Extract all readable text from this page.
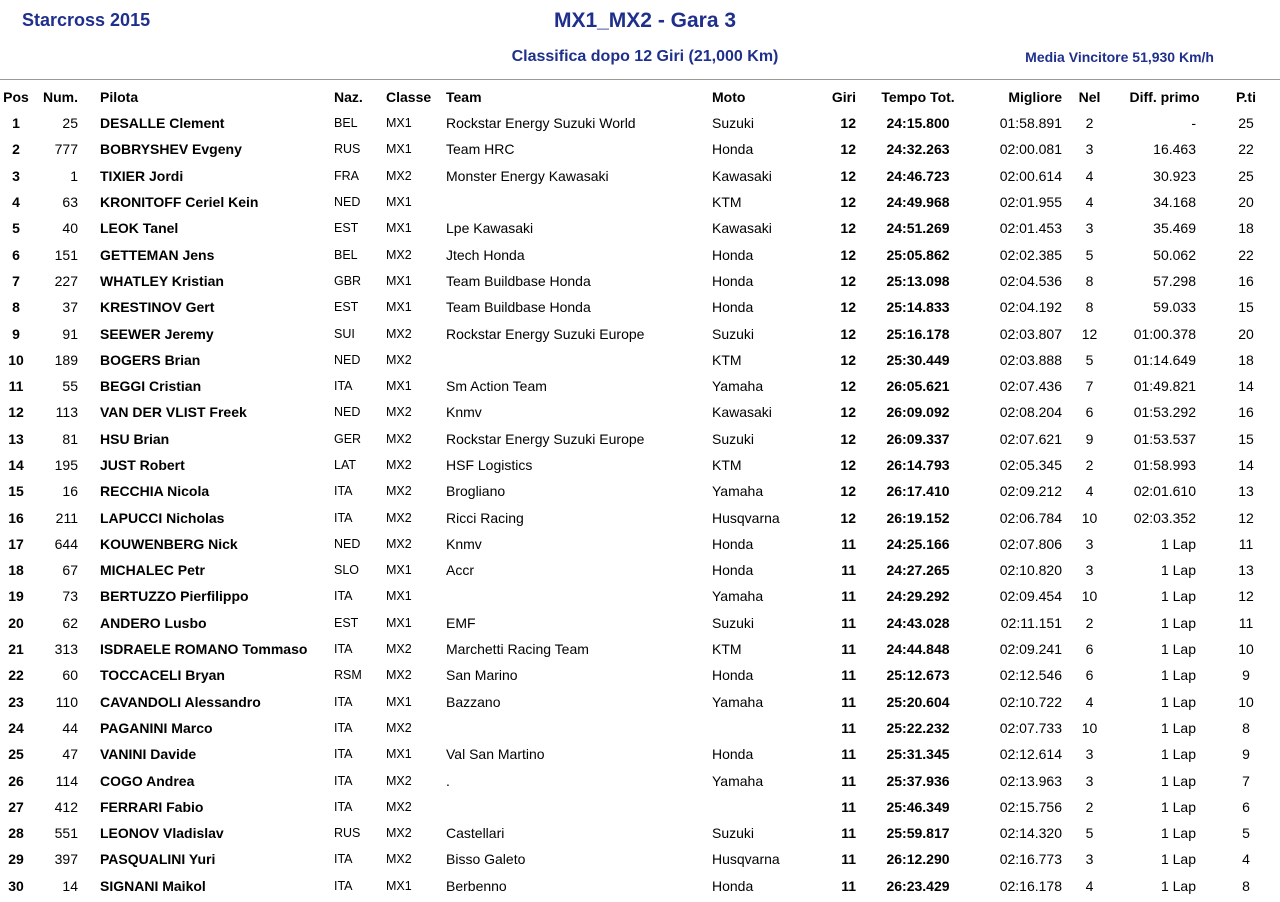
Starcross 2015	MX1_MX2 - Gara 3
Classifica dopo 12 Giri (21,000 Km)	Media Vincitore 51,930 Km/h
Pos	Num.	Pilota	Naz.	Classe	Team	Moto	Giri	Tempo Tot.	Migliore	Nel	Diff. primo	P.ti
1	25	DESALLE Clement	BEL	MX1	Rockstar Energy Suzuki World	Suzuki	12	24:15.800	01:58.891	2	-	25
2	777	BOBRYSHEV Evgeny	RUS	MX1	Team HRC	Honda	12	24:32.263	02:00.081	3	16.463	22
3	1	TIXIER Jordi	FRA	MX2	Monster Energy Kawasaki	Kawasaki	12	24:46.723	02:00.614	4	30.923	25
4	63	KRONITOFF Ceriel Kein	NED	MX1		KTM	12	24:49.968	02:01.955	4	34.168	20
5	40	LEOK Tanel	EST	MX1	Lpe Kawasaki	Kawasaki	12	24:51.269	02:01.453	3	35.469	18
6	151	GETTEMAN Jens	BEL	MX2	Jtech Honda	Honda	12	25:05.862	02:02.385	5	50.062	22
7	227	WHATLEY Kristian	GBR	MX1	Team Buildbase Honda	Honda	12	25:13.098	02:04.536	8	57.298	16
8	37	KRESTINOV Gert	EST	MX1	Team Buildbase Honda	Honda	12	25:14.833	02:04.192	8	59.033	15
9	91	SEEWER Jeremy	SUI	MX2	Rockstar Energy Suzuki Europe	Suzuki	12	25:16.178	02:03.807	12	01:00.378	20
10	189	BOGERS Brian	NED	MX2		KTM	12	25:30.449	02:03.888	5	01:14.649	18
11	55	BEGGI Cristian	ITA	MX1	Sm Action Team	Yamaha	12	26:05.621	02:07.436	7	01:49.821	14
12	113	VAN DER VLIST Freek	NED	MX2	Knmv	Kawasaki	12	26:09.092	02:08.204	6	01:53.292	16
13	81	HSU Brian	GER	MX2	Rockstar Energy Suzuki Europe	Suzuki	12	26:09.337	02:07.621	9	01:53.537	15
14	195	JUST Robert	LAT	MX2	HSF Logistics	KTM	12	26:14.793	02:05.345	2	01:58.993	14
15	16	RECCHIA Nicola	ITA	MX2	Brogliano	Yamaha	12	26:17.410	02:09.212	4	02:01.610	13
16	211	LAPUCCI Nicholas	ITA	MX2	Ricci Racing	Husqvarna	12	26:19.152	02:06.784	10	02:03.352	12
17	644	KOUWENBERG Nick	NED	MX2	Knmv	Honda	11	24:25.166	02:07.806	3	1 Lap	11
18	67	MICHALEC Petr	SLO	MX1	Accr	Honda	11	24:27.265	02:10.820	3	1 Lap	13
19	73	BERTUZZO Pierfilippo	ITA	MX1		Yamaha	11	24:29.292	02:09.454	10	1 Lap	12
20	62	ANDERO Lusbo	EST	MX1	EMF	Suzuki	11	24:43.028	02:11.151	2	1 Lap	11
21	313	ISDRAELE ROMANO Tommaso	ITA	MX2	Marchetti Racing Team	KTM	11	24:44.848	02:09.241	6	1 Lap	10
22	60	TOCCACELI Bryan	RSM	MX2	San Marino	Honda	11	25:12.673	02:12.546	6	1 Lap	9
23	110	CAVANDOLI Alessandro	ITA	MX1	Bazzano	Yamaha	11	25:20.604	02:10.722	4	1 Lap	10
24	44	PAGANINI Marco	ITA	MX2			11	25:22.232	02:07.733	10	1 Lap	8
25	47	VANINI Davide	ITA	MX1	Val San Martino	Honda	11	25:31.345	02:12.614	3	1 Lap	9
26	114	COGO Andrea	ITA	MX2	.	Yamaha	11	25:37.936	02:13.963	3	1 Lap	7
27	412	FERRARI Fabio	ITA	MX2			11	25:46.349	02:15.756	2	1 Lap	6
28	551	LEONOV Vladislav	RUS	MX2	Castellari	Suzuki	11	25:59.817	02:14.320	5	1 Lap	5
29	397	PASQUALINI Yuri	ITA	MX2	Bisso Galeto	Husqvarna	11	26:12.290	02:16.773	3	1 Lap	4
30	14	SIGNANI Maikol	ITA	MX1	Berbenno	Honda	11	26:23.429	02:16.178	4	1 Lap	8
